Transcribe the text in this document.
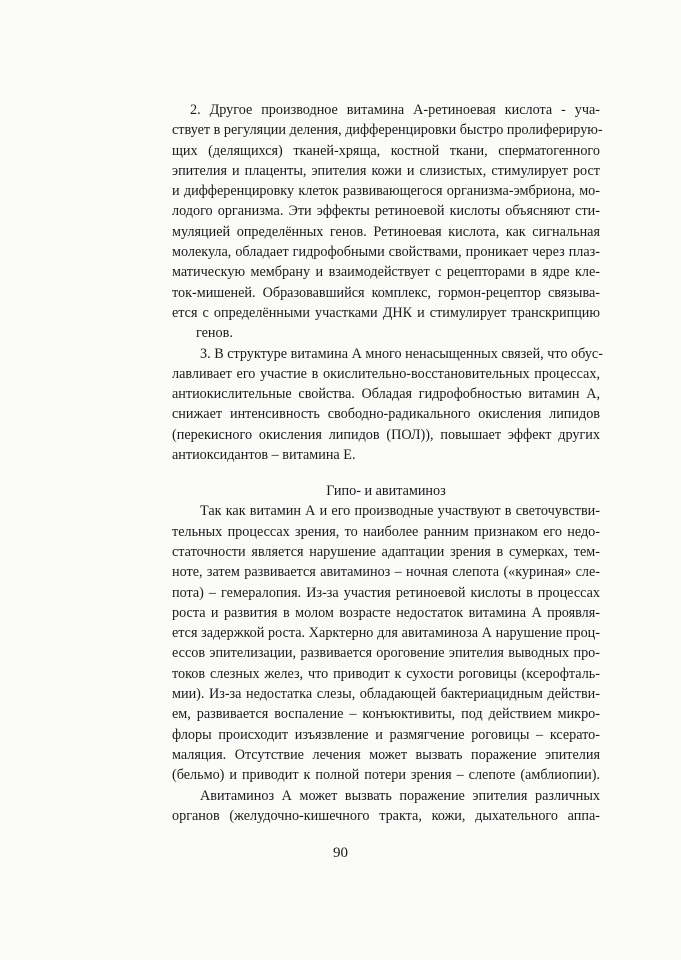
2. Другое производное витамина А-ретиноевая кислота - уча-
ствует в регуляции деления, дифференцировки быстро пролиферирую-
щих (делящихся) тканей-хряща, костной ткани, сперматогенного
эпителия и плаценты, эпителия кожи и слизистых, стимулирует рост
и дифференцировку клеток развивающегося организма-эмбриона, мо-
лодого организма. Эти эффекты ретиноевой кислоты объясняют сти-
муляцией определённых генов. Ретиноевая кислота, как сигнальная
молекула, обладает гидрофобными свойствами, проникает через плаз-
матическую мембрану и взаимодействует с рецепторами в ядре кле-
ток-мишеней. Образовавшийся комплекс, гормон-рецептор связыва-
ется с определёнными участками ДНК и стимулирует транскрипцию
генов.
3. В структуре витамина А много ненасыщенных связей, что обус-
лавливает его участие в окислительно-восстановительных процессах,
антиокислительные свойства. Обладая гидрофобностью витамин А,
снижает интенсивность свободно-радикального окисления липидов
(перекисного окисления липидов (ПОЛ)), повышает эффект других
антиоксидантов – витамина Е.
Гипо- и авитаминоз
Так как витамин А и его производные участвуют в светочувстви-
тельных процессах зрения, то наиболее ранним признаком его недо-
статочности является нарушение адаптации зрения в сумерках, тем-
ноте, затем развивается авитаминоз – ночная слепота («куриная» сле-
пота) – гемералопия. Из-за участия ретиноевой кислоты в процессах
роста и развития в молом возрасте недостаток витамина А проявля-
ется задержкой роста. Харктерно для авитаминоза А нарушение проц-
ессов эпителизации, развивается ороговение эпителия выводных про-
токов слезных желез, что приводит к сухости роговицы (ксерофталь-
мии). Из-за недостатка слезы, обладающей бактериацидным действи-
ем, развивается воспаление – конъюктивиты, под действием микро-
флоры происходит изъязвление и размягчение роговицы – ксерато-
маляция. Отсутствие лечения может вызвать поражение эпителия
(бельмо) и приводит к полной потери зрения – слепоте (амблиопии).
Авитаминоз А может вызвать поражение эпителия различных
органов (желудочно-кишечного тракта, кожи, дыхательного аппа-
90
